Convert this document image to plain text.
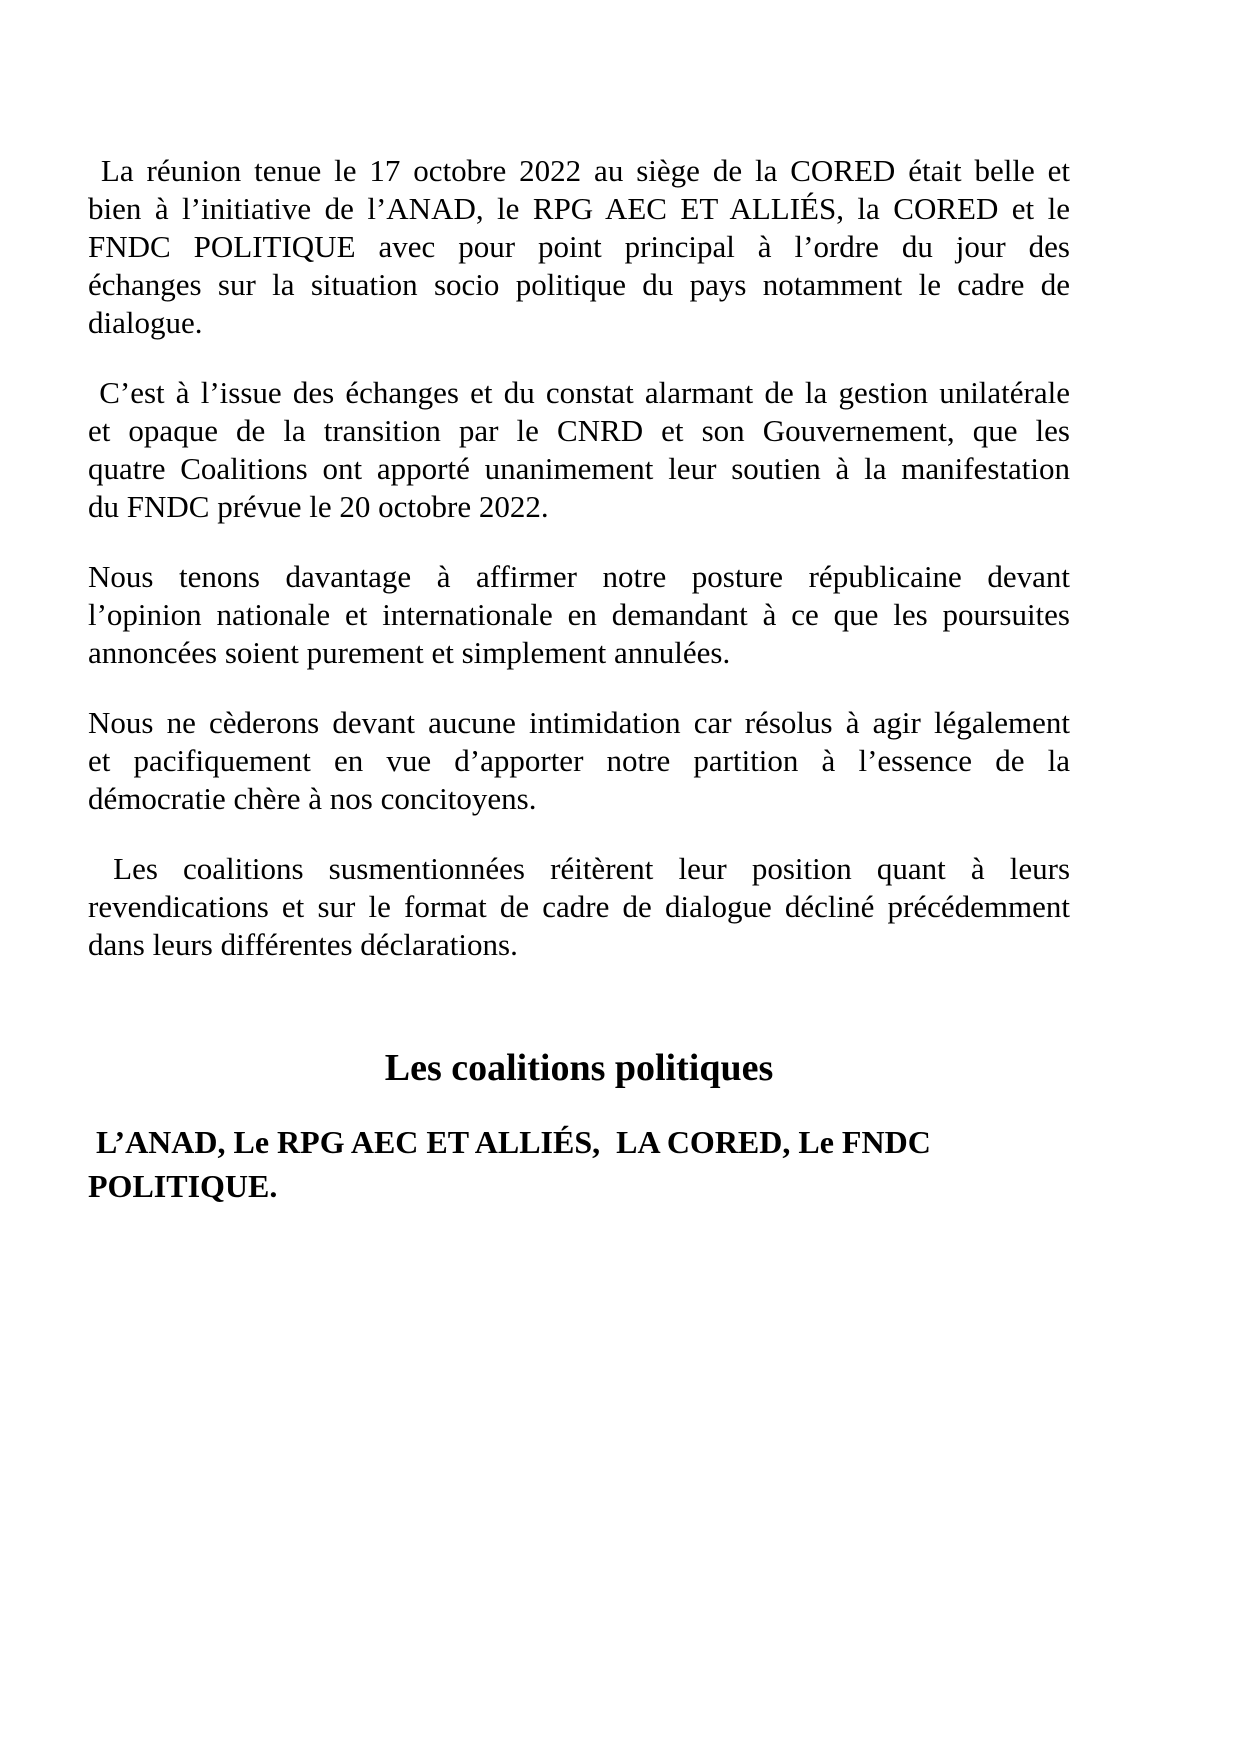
La réunion tenue le 17 octobre 2022 au siège de la CORED était belle et
bien à l’initiative de l’ANAD, le RPG AEC ET ALLIÉS, la CORED et le
FNDC POLITIQUE avec pour point principal à l’ordre du jour des
échanges sur la situation socio politique du pays notamment le cadre de
dialogue.
C’est à l’issue des échanges et du constat alarmant de la gestion unilatérale
et opaque de la transition par le CNRD et son Gouvernement, que les
quatre Coalitions ont apporté unanimement leur soutien à la manifestation
du FNDC prévue le 20 octobre 2022.
Nous tenons davantage à affirmer notre posture républicaine devant
l’opinion nationale et internationale en demandant à ce que les poursuites
annoncées soient purement et simplement annulées.
Nous ne cèderons devant aucune intimidation car résolus à agir légalement
et pacifiquement en vue d’apporter notre partition à l’essence de la
démocratie chère à nos concitoyens.
Les coalitions susmentionnées réitèrent leur position quant à leurs
revendications et sur le format de cadre de dialogue décliné précédemment
dans leurs différentes déclarations.
Les coalitions politiques
L’ANAD, Le RPG AEC ET ALLIÉS,  LA CORED, Le FNDC
POLITIQUE.
